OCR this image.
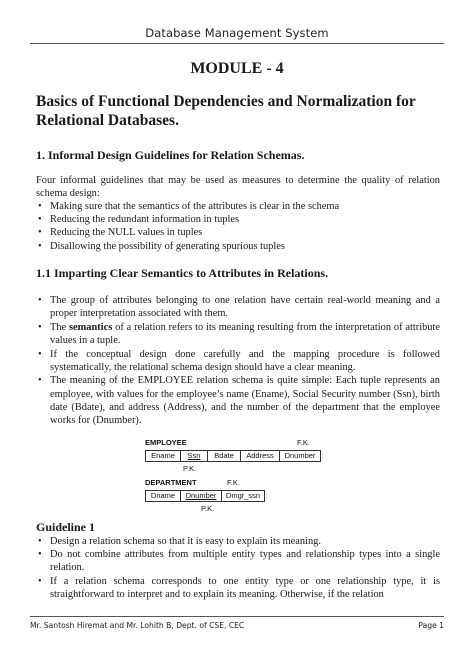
Database Management System
MODULE - 4
Basics of Functional Dependencies and Normalization for Relational Databases.
1. Informal Design Guidelines for Relation Schemas.
Four informal guidelines that may be used as measures to determine the quality of relation schema design:
• Making sure that the semantics of the attributes is clear in the schema
• Reducing the redundant information in tuples
• Reducing the NULL values in tuples
• Disallowing the possibility of generating spurious tuples
1.1 Imparting Clear Semantics to Attributes in Relations.
• The group of attributes belonging to one relation have certain real-world meaning and a proper interpretation associated with them.
• The semantics of a relation refers to its meaning resulting from the interpretation of attribute values in a tuple.
• If the conceptual design done carefully and the mapping procedure is followed systematically, the relational schema design should have a clear meaning.
• The meaning of the EMPLOYEE relation schema is quite simple: Each tuple represents an employee, with values for the employee’s name (Ename), Social Security number (Ssn), birth date (Bdate), and address (Address), and the number of the department that the employee works for (Dnumber).
EMPLOYEE	F.K.
Ename	Ssn	Bdate	Address	Dnumber
P.K.
DEPARTMENT	F.K.
Dname	Dnumber	Dmgr_ssn
P.K.
Guideline 1
• Design a relation schema so that it is easy to explain its meaning.
• Do not combine attributes from multiple entity types and relationship types into a single relation.
• If a relation schema corresponds to one entity type or one relationship type, it is straightforward to interpret and to explain its meaning. Otherwise, if the relation
Mr. Santosh Hiremat and Mr. Lohith B, Dept. of CSE, CEC	Page 1
